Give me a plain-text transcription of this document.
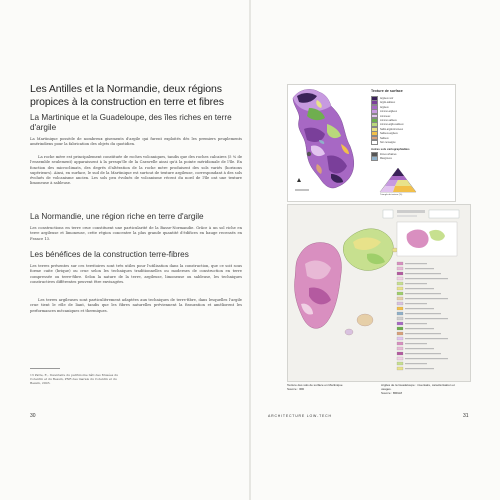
Les Antilles et la Normandie, deux régions propices à la construction en terre et fibres
La Martinique et la Guadeloupe, des îles riches en terre d'argile

La Martinique possède de nombreux gisements d'argile qui furent exploités dès les premiers peuplements amérindiens pour la fabrication des objets du quotidien.

La roche mère est principalement constituée de roches volcaniques, tandis que des roches calcaires (5 % de l'ensemble seulement) apparaissent à la presqu'île de la Caravelle ainsi qu'à la pointe méridionale de l'île. En fonction des microclimats, des degrés d'altération de la roche mère produisent des sols variés (horizons supérieurs). Ainsi, en surface, le sud de la Martinique est surtout de texture argileuse, correspondant à des sols évolués de volcanisme ancien. Les sols peu évolués de volcanisme récent du nord de l'île ont une texture limoneuse à sableuse.

La Normandie, une région riche en terre d'argile

Les constructions en terre crue constituent une particularité de la Basse-Normandie. Grâce à un sol riche en terre argileuse et limoneuse, cette région concentre la plus grande quantité d'édifices en bauge recensés en France 13.

Les bénéfices de la construction terre-fibres

Les terres présentes sur ces territoires sont très utiles pour l'utilisation dans la construction, que ce soit sous forme cuite (brique) ou crue selon les techniques traditionnelles ou modernes de construction en terre compressée ou terre-fibre. Selon la nature de la terre, argileuse, limoneuse ou sableuse, les techniques constructives différentes peuvent être envisagées.

Les terres argileuses sont particulièrement adaptées aux techniques de terre-fibre, dans lesquelles l'argile crue tient le rôle de liant, tandis que les fibres naturelles préviennent la fissuration et améliorent les performances mécaniques et thermiques.

13 Patte, E., Inventaire du patrimoine bâti des Musées du Cotentin et du Bessin, PNR des marais du Cotentin et du Bessin, 2003.
30	ARCHITECTURE LOW-TECH	31
Texture de surface
Argileux noir
Argilo-sableux
Argileux
Limono-argileux
Limoneux
Limono-sableux
Limono-argilo-sableux
Sablo-argilo-limoneux
Sableux-argileux
Sableux
Non renseigné
Autres sols cartographiables
Zones urbaines
Mangroves
Triangle de texture (%)
Texture des sols de surface en Martinique
Source : IRD
Argiles de la Guadeloupe : inventaire, caractérisation et usages.
Source : BRGM
